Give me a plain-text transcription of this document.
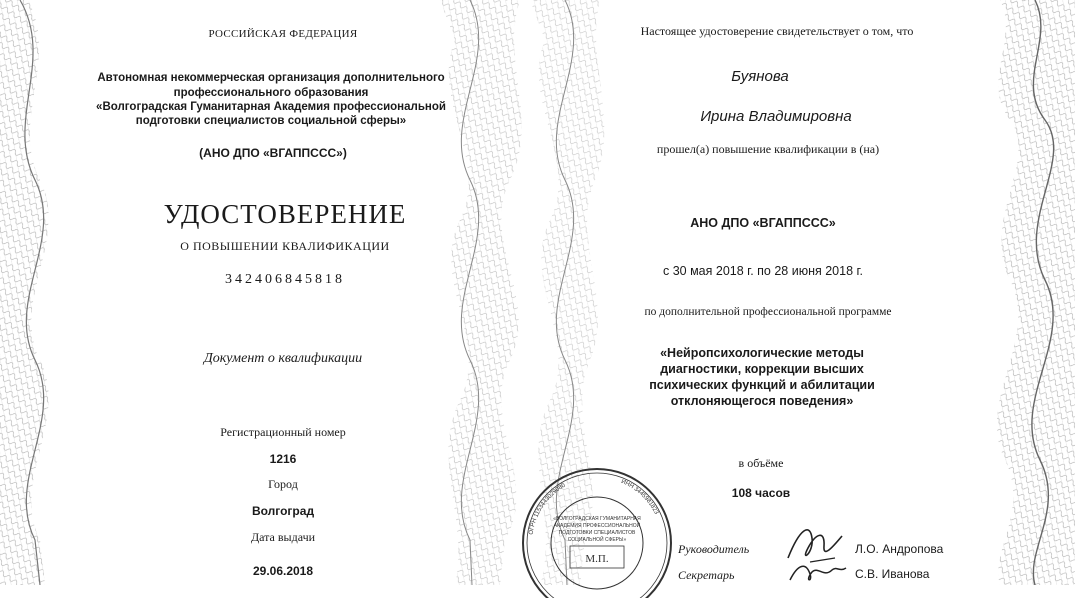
РОССИЙСКАЯ ФЕДЕРАЦИЯ
Автономная некоммерческая организация дополнительного
профессионального образования
«Волгоградская Гуманитарная Академия профессиональной
подготовки специалистов социальной сферы»
(АНО ДПО «ВГАППССС»)
УДОСТОВЕРЕНИЕ
О ПОВЫШЕНИИ КВАЛИФИКАЦИИ
342406845818
Документ о квалификации
Регистрационный номер
1216
Город
Волгоград
Дата выдачи
29.06.2018
Настоящее удостоверение свидетельствует о том, что
Буянова
Ирина Владимировна
прошел(а) повышение квалификации в (на)
АНО ДПО «ВГАППССС»
с 30 мая 2018 г. по 28 июня 2018 г.
по дополнительной профессиональной программе
«Нейропсихологические методы
диагностики, коррекции высших
психических функций и абилитации
отклоняющегося поведения»
в объёме
108 часов
Руководитель	Л.О. Андропова
Секретарь	С.В. Иванова
ОГРН 1153443029080
ИНН 3445981823
«ВОЛГОГРАДСКАЯ ГУМАНИТАРНАЯ
АКАДЕМИЯ ПРОФЕССИОНАЛЬНОЙ
ПОДГОТОВКИ СПЕЦИАЛИСТОВ
СОЦИАЛЬНОЙ СФЕРЫ»
М.П.
